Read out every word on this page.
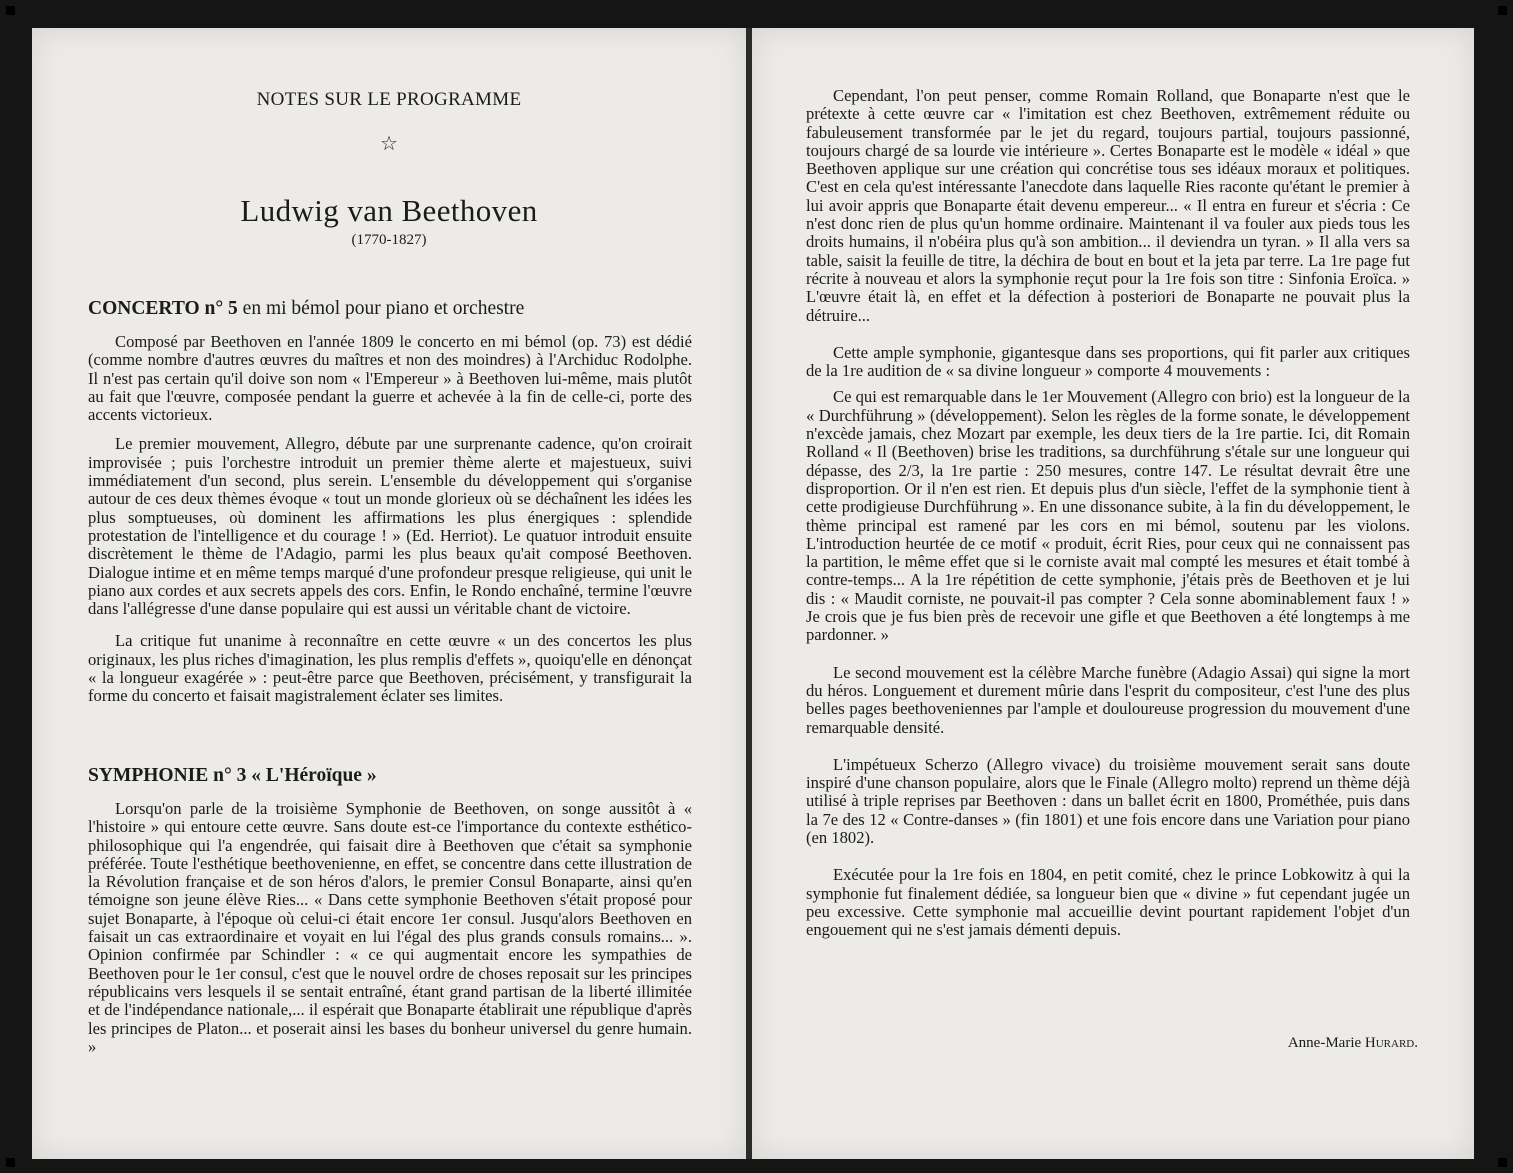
NOTES SUR LE PROGRAMME
☆
Ludwig van Beethoven
(1770-1827)
CONCERTO n° 5 en mi bémol pour piano et orchestre

Composé par Beethoven en l'année 1809 le concerto en mi bémol (op. 73) est dédié (comme nombre d'autres œuvres du maîtres et non des moindres) à l'Archiduc Rodolphe. Il n'est pas certain qu'il doive son nom « l'Empereur » à Beethoven lui-même, mais plutôt au fait que l'œuvre, composée pendant la guerre et achevée à la fin de celle-ci, porte des accents victorieux.

Le premier mouvement, Allegro, débute par une surprenante cadence, qu'on croirait improvisée ; puis l'orchestre introduit un premier thème alerte et majestueux, suivi immédiatement d'un second, plus serein. L'ensemble du développement qui s'organise autour de ces deux thèmes évoque « tout un monde glorieux où se déchaînent les idées les plus somptueuses, où dominent les affirmations les plus énergiques : splendide protestation de l'intelligence et du courage ! » (Ed. Herriot). Le quatuor introduit ensuite discrètement le thème de l'Adagio, parmi les plus beaux qu'ait composé Beethoven. Dialogue intime et en même temps marqué d'une profondeur presque religieuse, qui unit le piano aux cordes et aux secrets appels des cors. Enfin, le Rondo enchaîné, termine l'œuvre dans l'allégresse d'une danse populaire qui est aussi un véritable chant de victoire.

La critique fut unanime à reconnaître en cette œuvre « un des concertos les plus originaux, les plus riches d'imagination, les plus remplis d'effets », quoiqu'elle en dénonçat « la longueur exagérée » : peut-être parce que Beethoven, précisément, y transfigurait la forme du concerto et faisait magistralement éclater ses limites.

SYMPHONIE n° 3 « L'Héroïque »

Lorsqu'on parle de la troisième Symphonie de Beethoven, on songe aussitôt à « l'histoire » qui entoure cette œuvre. Sans doute est-ce l'importance du contexte esthético-philosophique qui l'a engendrée, qui faisait dire à Beethoven que c'était sa symphonie préférée. Toute l'esthétique beethovenienne, en effet, se concentre dans cette illustration de la Révolution française et de son héros d'alors, le premier Consul Bonaparte, ainsi qu'en témoigne son jeune élève Ries... « Dans cette symphonie Beethoven s'était proposé pour sujet Bonaparte, à l'époque où celui-ci était encore 1er consul. Jusqu'alors Beethoven en faisait un cas extraordinaire et voyait en lui l'égal des plus grands consuls romains... ». Opinion confirmée par Schindler : « ce qui augmentait encore les sympathies de Beethoven pour le 1er consul, c'est que le nouvel ordre de choses reposait sur les principes républicains vers lesquels il se sentait entraîné, étant grand partisan de la liberté illimitée et de l'indépendance nationale,... il espérait que Bonaparte établirait une république d'après les principes de Platon... et poserait ainsi les bases du bonheur universel du genre humain. »

Cependant, l'on peut penser, comme Romain Rolland, que Bonaparte n'est que le prétexte à cette œuvre car « l'imitation est chez Beethoven, extrêmement réduite ou fabuleusement transformée par le jet du regard, toujours partial, toujours passionné, toujours chargé de sa lourde vie intérieure ». Certes Bonaparte est le modèle « idéal » que Beethoven applique sur une création qui concrétise tous ses idéaux moraux et politiques. C'est en cela qu'est intéressante l'anecdote dans laquelle Ries raconte qu'étant le premier à lui avoir appris que Bonaparte était devenu empereur... « Il entra en fureur et s'écria : Ce n'est donc rien de plus qu'un homme ordinaire. Maintenant il va fouler aux pieds tous les droits humains, il n'obéira plus qu'à son ambition... il deviendra un tyran. » Il alla vers sa table, saisit la feuille de titre, la déchira de bout en bout et la jeta par terre. La 1re page fut récrite à nouveau et alors la symphonie reçut pour la 1re fois son titre : Sinfonia Eroïca. » L'œuvre était là, en effet et la défection à posteriori de Bonaparte ne pouvait plus la détruire...

Cette ample symphonie, gigantesque dans ses proportions, qui fit parler aux critiques de la 1re audition de « sa divine longueur » comporte 4 mouvements :

Ce qui est remarquable dans le 1er Mouvement (Allegro con brio) est la longueur de la « Durchführung » (développement). Selon les règles de la forme sonate, le développement n'excède jamais, chez Mozart par exemple, les deux tiers de la 1re partie. Ici, dit Romain Rolland « Il (Beethoven) brise les traditions, sa durchführung s'étale sur une longueur qui dépasse, des 2/3, la 1re partie : 250 mesures, contre 147. Le résultat devrait être une disproportion. Or il n'en est rien. Et depuis plus d'un siècle, l'effet de la symphonie tient à cette prodigieuse Durchführung ». En une dissonance subite, à la fin du développement, le thème principal est ramené par les cors en mi bémol, soutenu par les violons. L'introduction heurtée de ce motif « produit, écrit Ries, pour ceux qui ne connaissent pas la partition, le même effet que si le corniste avait mal compté les mesures et était tombé à contre-temps... A la 1re répétition de cette symphonie, j'étais près de Beethoven et je lui dis : « Maudit corniste, ne pouvait-il pas compter ? Cela sonne abominablement faux ! » Je crois que je fus bien près de recevoir une gifle et que Beethoven a été longtemps à me pardonner. »

Le second mouvement est la célèbre Marche funèbre (Adagio Assai) qui signe la mort du héros. Longuement et durement mûrie dans l'esprit du compositeur, c'est l'une des plus belles pages beethoveniennes par l'ample et douloureuse progression du mouvement d'une remarquable densité.

L'impétueux Scherzo (Allegro vivace) du troisième mouvement serait sans doute inspiré d'une chanson populaire, alors que le Finale (Allegro molto) reprend un thème déjà utilisé à triple reprises par Beethoven : dans un ballet écrit en 1800, Prométhée, puis dans la 7e des 12 « Contre-danses » (fin 1801) et une fois encore dans une Variation pour piano (en 1802).

Exécutée pour la 1re fois en 1804, en petit comité, chez le prince Lobkowitz à qui la symphonie fut finalement dédiée, sa longueur bien que « divine » fut cependant jugée un peu excessive. Cette symphonie mal accueillie devint pourtant rapidement l'objet d'un engouement qui ne s'est jamais démenti depuis.

Anne-Marie Hurard.
